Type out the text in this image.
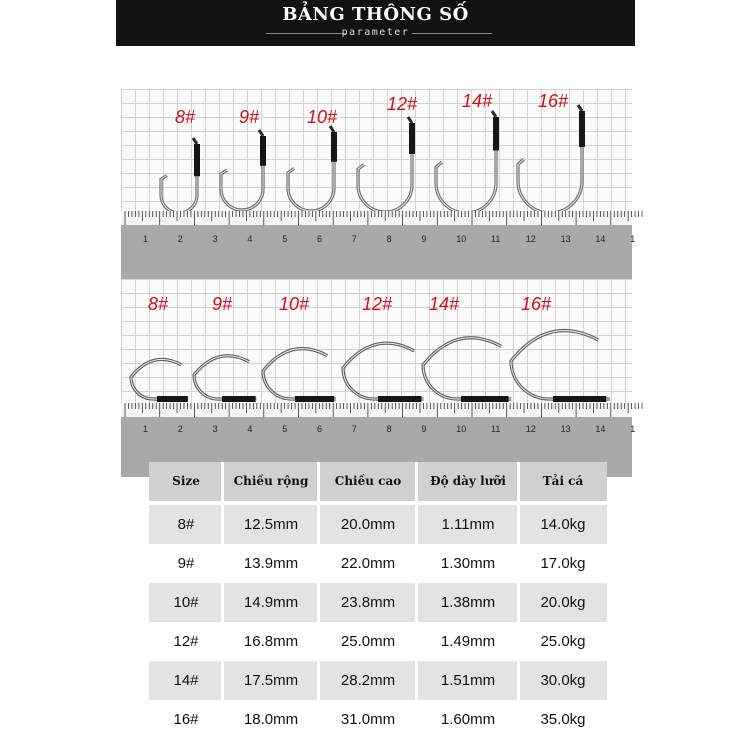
BẢNG THÔNG SỐ
parameter
8# 9#	10#
12# 14#	16#
1	2	3	4	5	6	7	8	9	10	11	12	13	14	1
8# 9#	10#	12# 14#	16#
1	2	3	4	5	6	7	8	9	10	11	12	13	14	1
Size	Chiều rộng	Chiều cao	Độ dày lưỡi	Tải cá
8#	12.5mm	20.0mm	1.11mm	14.0kg
9#	13.9mm	22.0mm	1.30mm	17.0kg
10#	14.9mm	23.8mm	1.38mm	20.0kg
12#	16.8mm	25.0mm	1.49mm	25.0kg
14#	17.5mm	28.2mm	1.51mm	30.0kg
16#	18.0mm	31.0mm	1.60mm	35.0kg
